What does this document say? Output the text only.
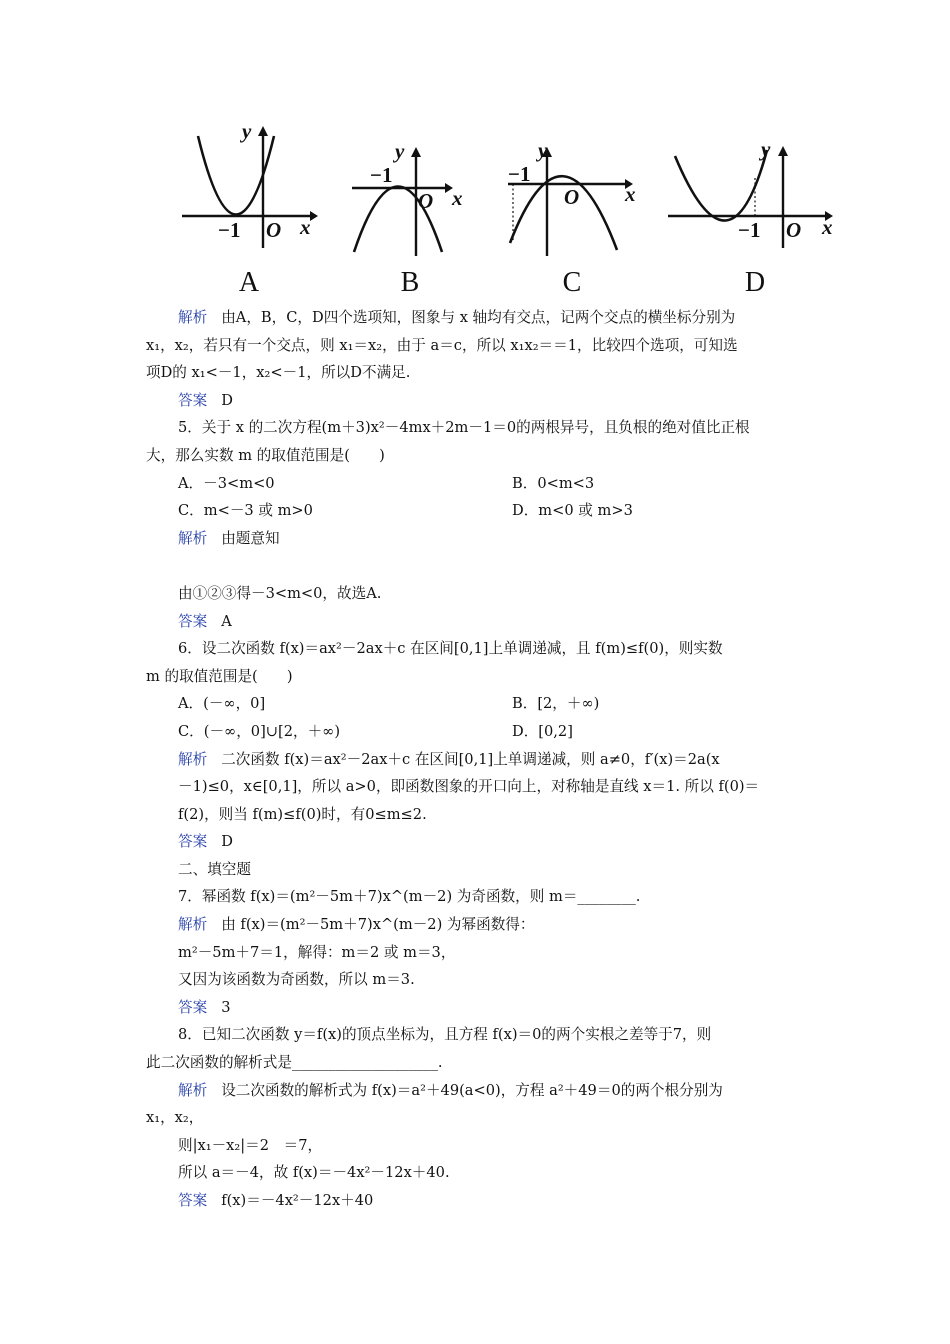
y
x
O
−1
y
x
O
−1
y
x
O
−1
y
x
O
−1
A	B	C	D
解析 由A，B，C，D四个选项知，图象与 x 轴均有交点，记两个交点的横坐标分别为
x₁，x₂，若只有一个交点，则 x₁＝x₂，由于 a＝c，所以 x₁x₂＝＝1，比较四个选项，可知选
项D的 x₁<－1，x₂<－1，所以D不满足.
答案 D
5．关于 x 的二次方程(m＋3)x²－4mx＋2m－1＝0的两根异号，且负根的绝对值比正根
大，那么实数 m 的取值范围是(　　)
A．－3<m<0	B．0<m<3
C．m<－3 或 m>0	D．m<0 或 m>3
解析 由题意知
由①②③得－3<m<0，故选A.
答案 A
6．设二次函数 f(x)＝ax²－2ax＋c 在区间[0,1]上单调递减，且 f(m)≤f(0)，则实数
m 的取值范围是(　　)
A．(－∞，0]	B．[2，＋∞)
C．(－∞，0]∪[2，＋∞)	D．[0,2]
解析 二次函数 f(x)＝ax²－2ax＋c 在区间[0,1]上单调递减，则 a≠0，f′(x)＝2a(x
－1)≤0，x∈[0,1]，所以 a>0，即函数图象的开口向上，对称轴是直线 x＝1. 所以 f(0)＝
f(2)，则当 f(m)≤f(0)时，有0≤m≤2.
答案 D
二、填空题
7．幂函数 f(x)＝(m²－5m＋7)x^(m－2) 为奇函数，则 m＝________.
解析 由 f(x)＝(m²－5m＋7)x^(m－2) 为幂函数得：
m²－5m＋7＝1，解得：m＝2 或 m＝3，
又因为该函数为奇函数，所以 m＝3.
答案 3
8．已知二次函数 y＝f(x)的顶点坐标为，且方程 f(x)＝0的两个实根之差等于7，则
此二次函数的解析式是____________________.
解析 设二次函数的解析式为 f(x)＝a²＋49(a<0)，方程 a²＋49＝0的两个根分别为
x₁，x₂，
则|x₁－x₂|＝2　＝7，
所以 a＝－4，故 f(x)＝－4x²－12x＋40.
答案 f(x)＝－4x²－12x＋40
